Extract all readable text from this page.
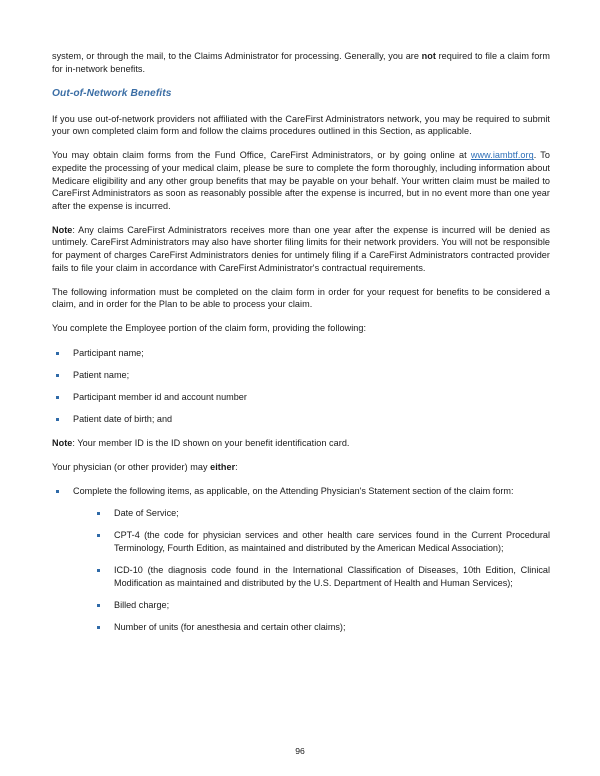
system, or through the mail, to the Claims Administrator for processing. Generally, you are not required to file a claim form for in-network benefits.

Out-of-Network Benefits

If you use out-of-network providers not affiliated with the CareFirst Administrators network, you may be required to submit your own completed claim form and follow the claims procedures outlined in this Section, as applicable.

You may obtain claim forms from the Fund Office, CareFirst Administrators, or by going online at www.iambtf.org. To expedite the processing of your medical claim, please be sure to complete the form thoroughly, including information about Medicare eligibility and any other group benefits that may be payable on your behalf. Your written claim must be mailed to CareFirst Administrators as soon as reasonably possible after the expense is incurred, but in no event more than one year after the expense is incurred.

Note: Any claims CareFirst Administrators receives more than one year after the expense is incurred will be denied as untimely. CareFirst Administrators may also have shorter filing limits for their network providers. You will not be responsible for payment of charges CareFirst Administrators denies for untimely filing if a CareFirst Administrators contracted provider fails to file your claim in accordance with CareFirst Administrator's contractual requirements.

The following information must be completed on the claim form in order for your request for benefits to be considered a claim, and in order for the Plan to be able to process your claim.

You complete the Employee portion of the claim form, providing the following:

Participant name;
Patient name;
Participant member id and account number
Patient date of birth; and

Note: Your member ID is the ID shown on your benefit identification card.

Your physician (or other provider) may either:

Complete the following items, as applicable, on the Attending Physician's Statement section of the claim form:
Date of Service;
CPT-4 (the code for physician services and other health care services found in the Current Procedural Terminology, Fourth Edition, as maintained and distributed by the American Medical Association);
ICD-10 (the diagnosis code found in the International Classification of Diseases, 10th Edition, Clinical Modification as maintained and distributed by the U.S. Department of Health and Human Services);
Billed charge;
Number of units (for anesthesia and certain other claims);
96
